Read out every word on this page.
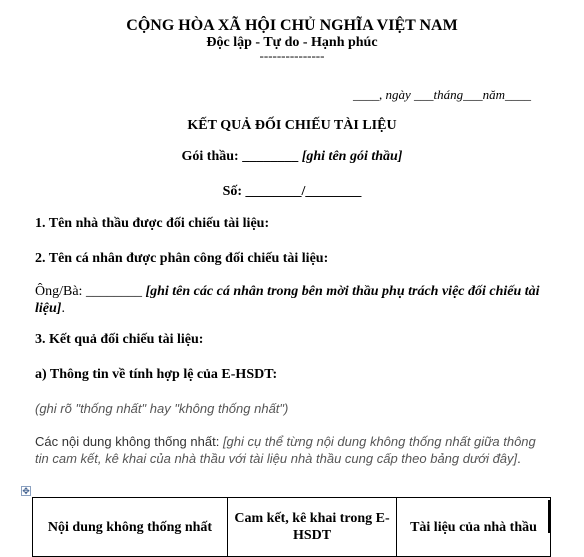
CỘNG HÒA XÃ HỘI CHỦ NGHĨA VIỆT NAM
Độc lập - Tự do - Hạnh phúc
---------------
____, ngày ___tháng___năm____
KẾT QUẢ ĐỐI CHIẾU TÀI LIỆU
Gói thầu: ________ [ghi tên gói thầu]
Số: ________/________
1. Tên nhà thầu được đối chiếu tài liệu:
2. Tên cá nhân được phân công đối chiếu tài liệu:
Ông/Bà: ________ [ghi tên các cá nhân trong bên mời thầu phụ trách việc đối chiếu tài liệu].
3. Kết quả đối chiếu tài liệu:
a) Thông tin về tính hợp lệ của E-HSDT:
(ghi rõ "thống nhất" hay "không thống nhất")
Các nội dung không thống nhất: [ghi cụ thể từng nội dung không thống nhất giữa thông tin cam kết, kê khai của nhà thầu với tài liệu nhà thầu cung cấp theo bảng dưới đây].
✥
Nội dung không thống nhất	Cam kết, kê khai trong E-HSDT	Tài liệu của nhà thầu
